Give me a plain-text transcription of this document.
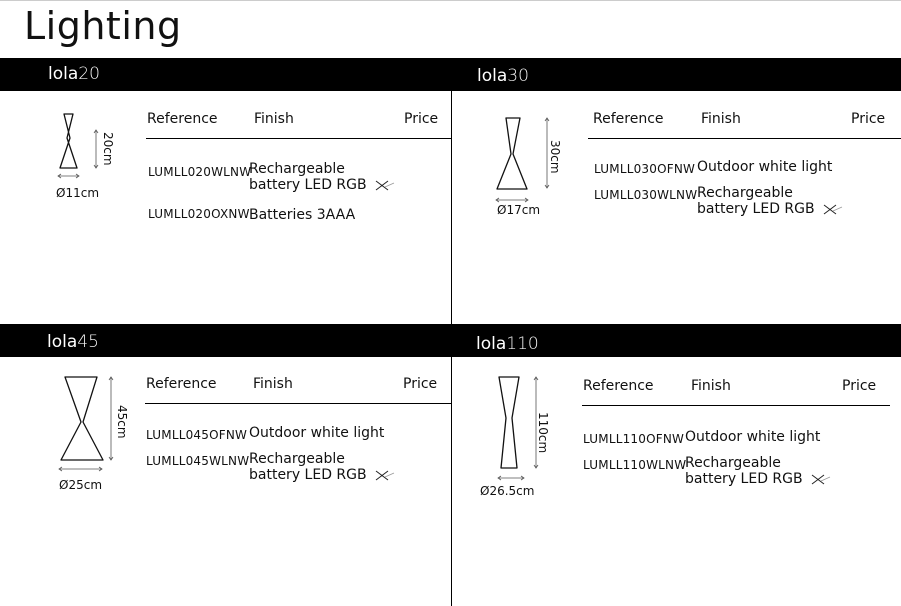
Lighting
lola20
20cm
Ø11cm
Reference	Finish	Price
LUMLL020WLNW
Rechargeable
battery LED RGB
LUMLL020OXNW Batteries 3AAA
lola30
30cm
Ø17cm
Reference	Finish	Price
LUMLL030OFNW Outdoor white light
LUMLL030WLNW Rechargeable
battery LED RGB
lola45
45cm
Ø25cm
Reference	Finish	Price
LUMLL045OFNW Outdoor white light
LUMLL045WLNW Rechargeable
battery LED RGB
lola110
110cm
Ø26.5cm
Reference	Finish	Price
LUMLL110OFNW Outdoor white light
LUMLL110WLNW
Rechargeable
battery LED RGB
